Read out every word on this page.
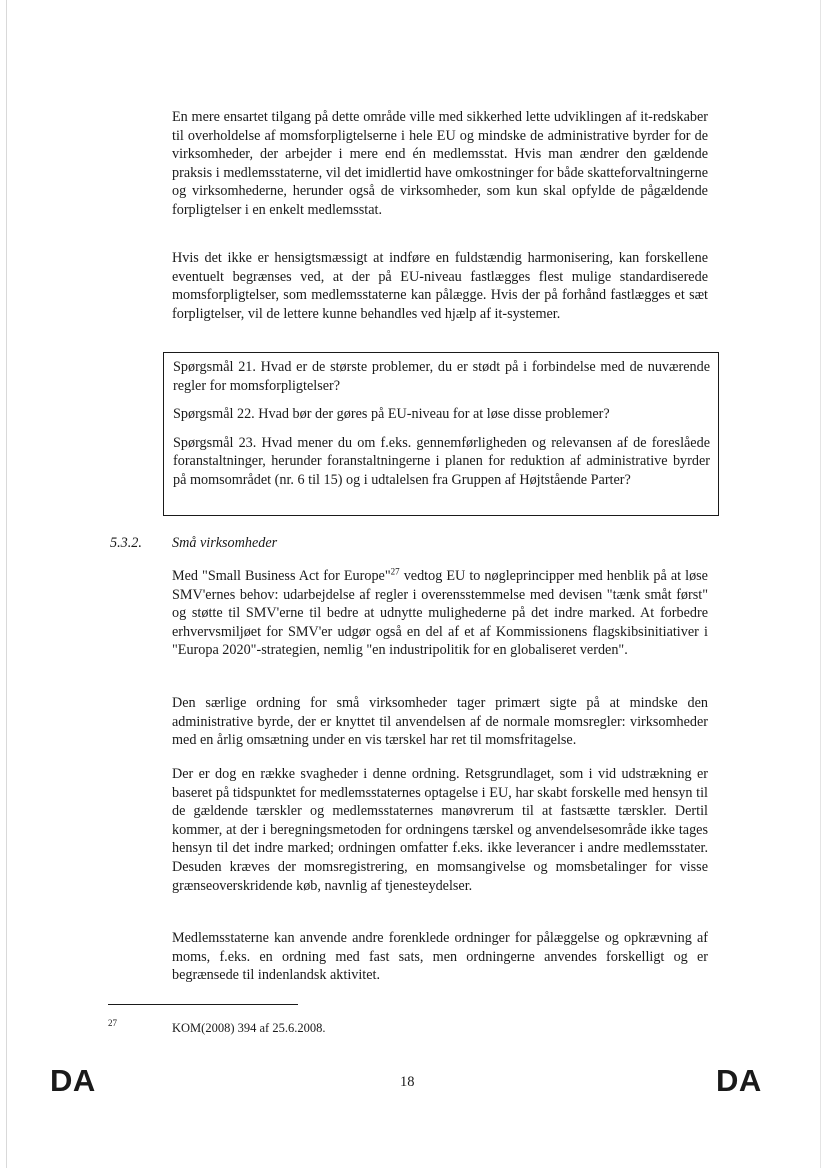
En mere ensartet tilgang på dette område ville med sikkerhed lette udviklingen af it-redskaber til overholdelse af momsforpligtelserne i hele EU og mindske de administrative byrder for de virksomheder, der arbejder i mere end én medlemsstat. Hvis man ændrer den gældende praksis i medlemsstaterne, vil det imidlertid have omkostninger for både skatteforvaltningerne og virksomhederne, herunder også de virksomheder, som kun skal opfylde de pågældende forpligtelser i en enkelt medlemsstat.

Hvis det ikke er hensigtsmæssigt at indføre en fuldstændig harmonisering, kan forskellene eventuelt begrænses ved, at der på EU-niveau fastlægges flest mulige standardiserede momsforpligtelser, som medlemsstaterne kan pålægge. Hvis der på forhånd fastlægges et sæt forpligtelser, vil de lettere kunne behandles ved hjælp af it-systemer.

Spørgsmål 21. Hvad er de største problemer, du er stødt på i forbindelse med de nuværende regler for momsforpligtelser?

Spørgsmål 22. Hvad bør der gøres på EU-niveau for at løse disse problemer?

Spørgsmål 23. Hvad mener du om f.eks. gennemførligheden og relevansen af de foreslåede foranstaltninger, herunder foranstaltningerne i planen for reduktion af administrative byrder på momsområdet (nr. 6 til 15) og i udtalelsen fra Gruppen af Højtstående Parter?

5.3.2. Små virksomheder

Med "Small Business Act for Europe"$^{27}$ vedtog EU to nøgleprincipper med henblik på at løse SMV'ernes behov: udarbejdelse af regler i overensstemmelse med devisen "tænk småt først" og støtte til SMV'erne til bedre at udnytte mulighederne på det indre marked. At forbedre erhvervsmiljøet for SMV'er udgør også en del af et af Kommissionens flagskibsinitiativer i "Europa 2020"-strategien, nemlig "en industripolitik for en globaliseret verden".

Den særlige ordning for små virksomheder tager primært sigte på at mindske den administrative byrde, der er knyttet til anvendelsen af de normale momsregler: virksomheder med en årlig omsætning under en vis tærskel har ret til momsfritagelse.

Der er dog en række svagheder i denne ordning. Retsgrundlaget, som i vid udstrækning er baseret på tidspunktet for medlemsstaternes optagelse i EU, har skabt forskelle med hensyn til de gældende tærskler og medlemsstaternes manøvrerum til at fastsætte tærskler. Dertil kommer, at der i beregningsmetoden for ordningens tærskel og anvendelsesområde ikke tages hensyn til det indre marked; ordningen omfatter f.eks. ikke leverancer i andre medlemsstater. Desuden kræves der momsregistrering, en momsangivelse og momsbetalinger for visse grænseoverskridende køb, navnlig af tjenesteydelser.

Medlemsstaterne kan anvende andre forenklede ordninger for pålæggelse og opkrævning af moms, f.eks. en ordning med fast sats, men ordningerne anvendes forskelligt og er begrænsede til indenlandsk aktivitet.

27	KOM(2008) 394 af 25.6.2008.
DA	18	DA
